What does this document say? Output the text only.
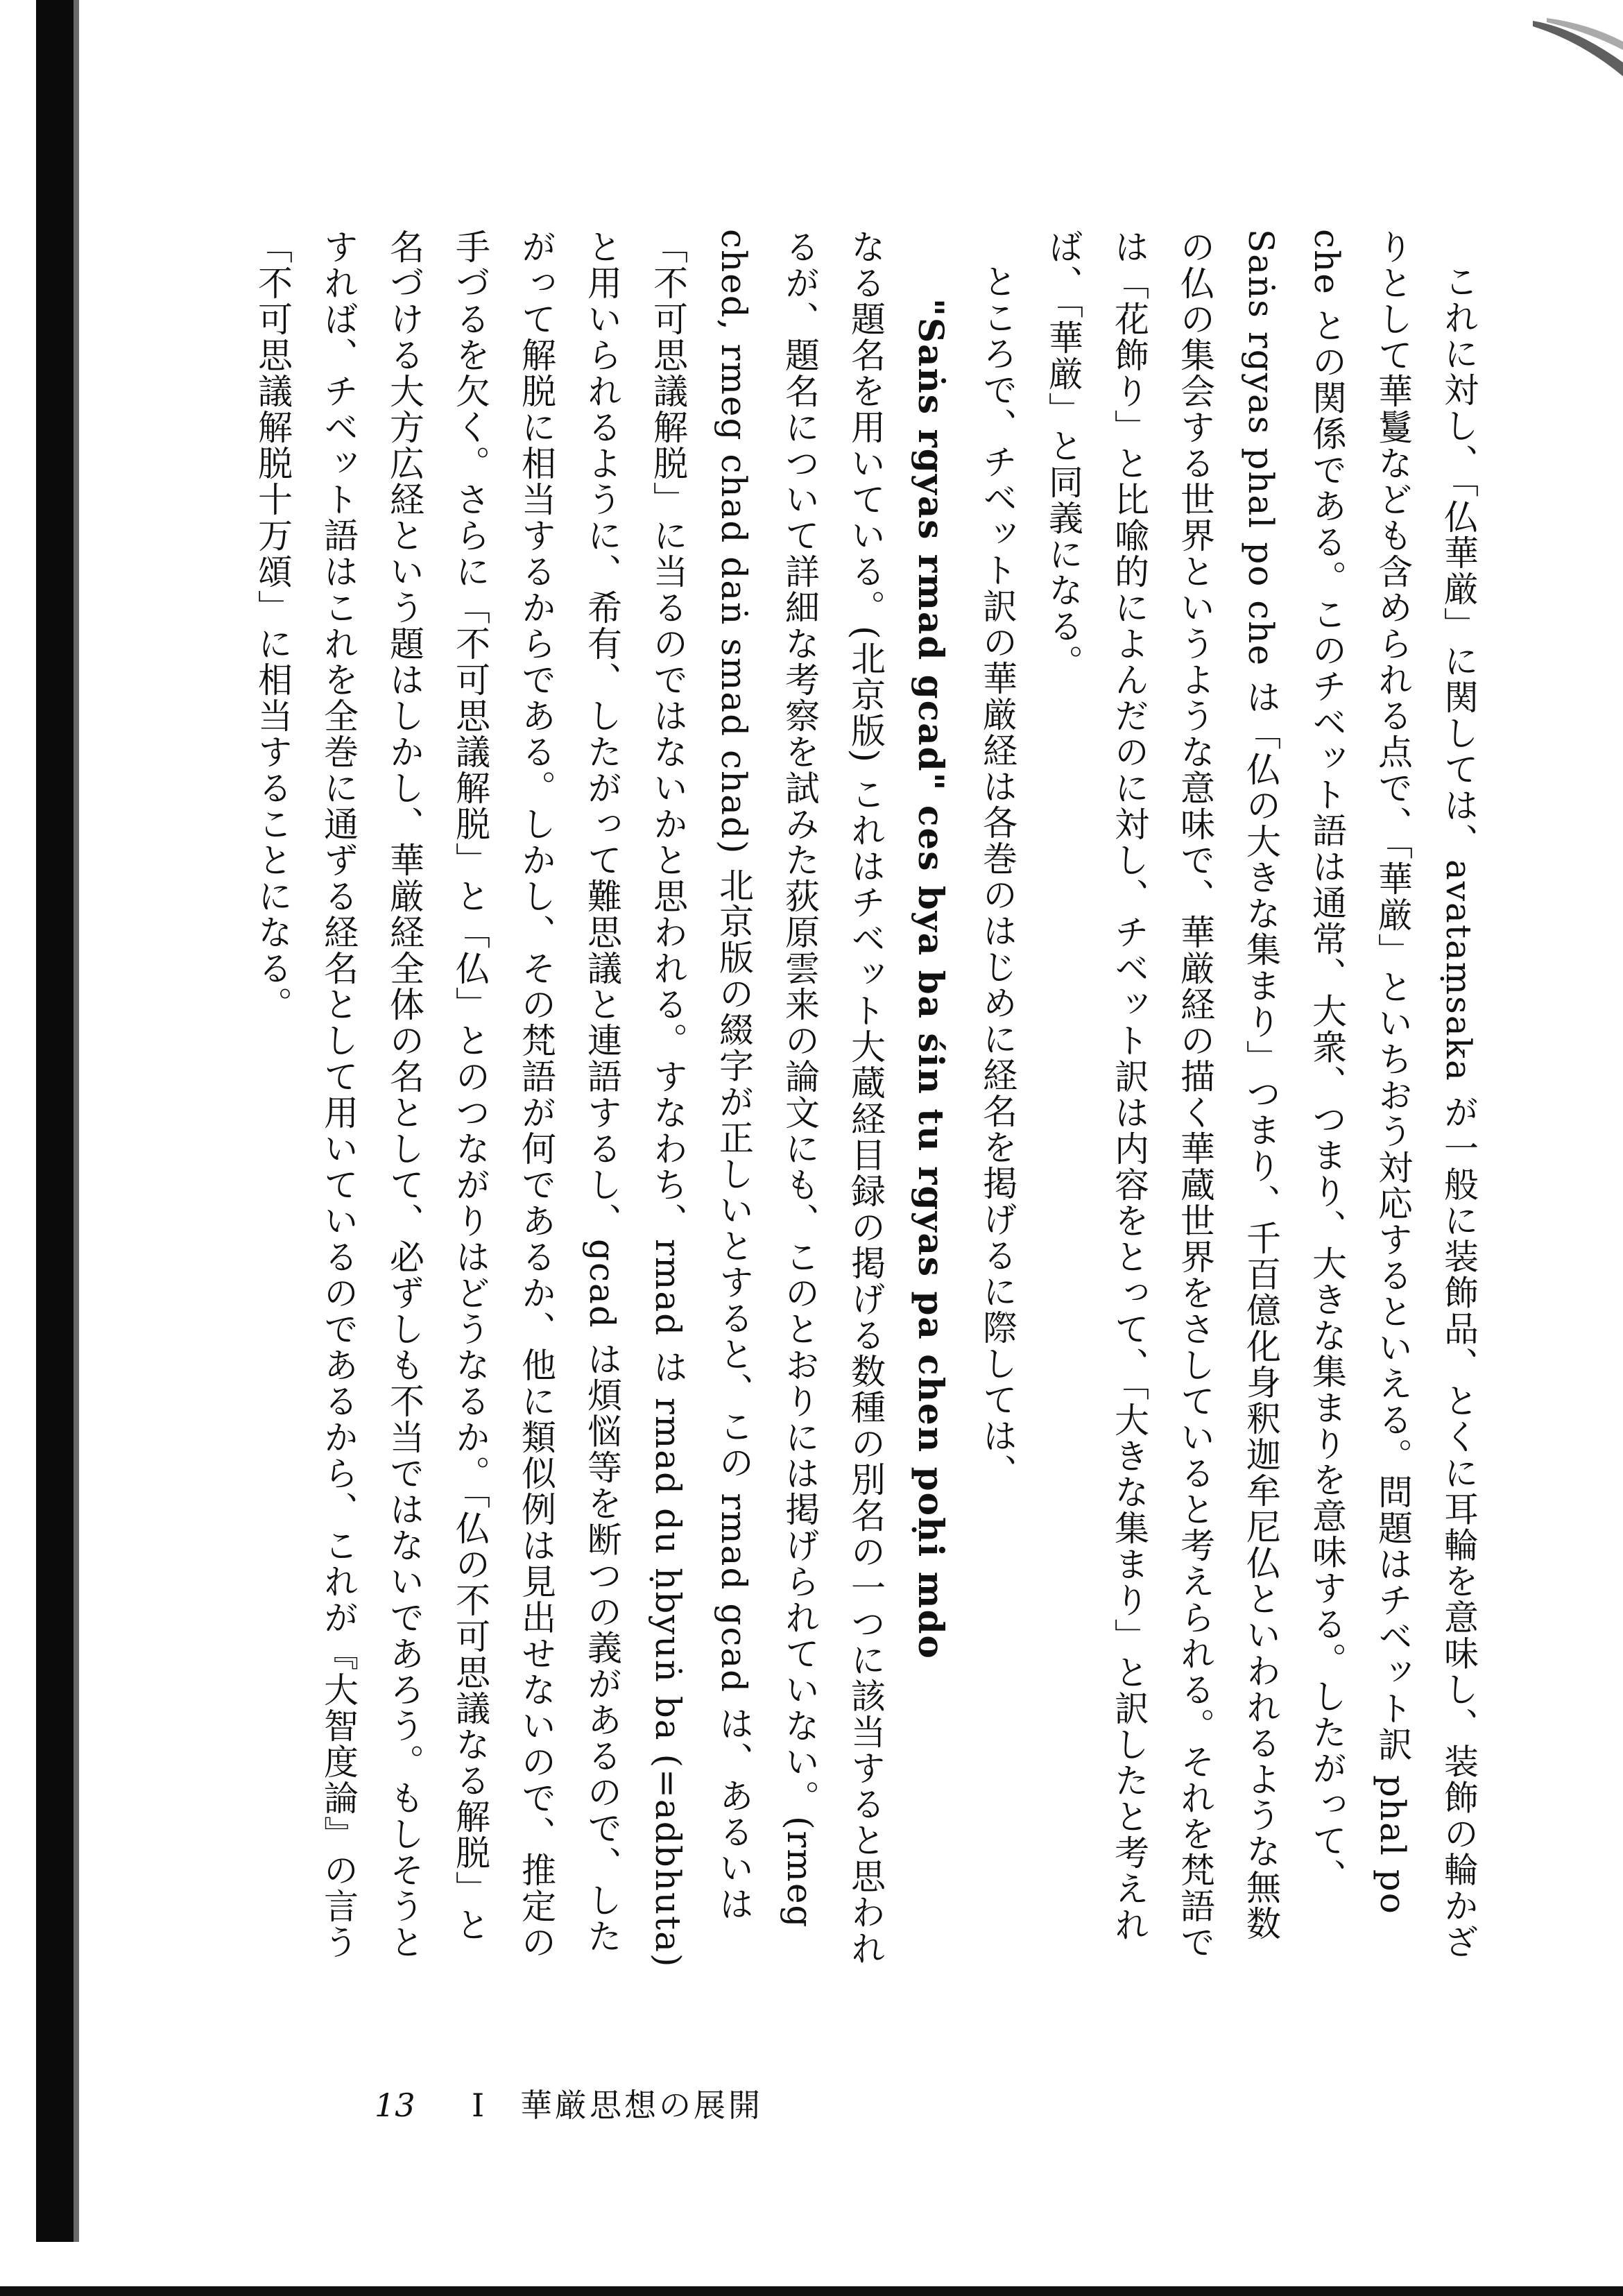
これに対し、「仏華厳」に関しては、avataṃsaka が一般に装飾品、とくに耳輪を意味し、装飾の輪かざりとして華鬘なども含められる点で、「華厳」といちおう対応するといえる。問題はチベット訳 phal po che との関係である。このチベット語は通常、大衆、つまり、大きな集まりを意味する。したがって、Saṅs rgyas phal po che は「仏の大きな集まり」つまり、千百億化身釈迦牟尼仏といわれるような無数の仏の集会する世界というような意味で、華厳経の描く華蔵世界をさしていると考えられる。それを梵語では「花飾り」と比喩的によんだのに対し、チベット訳は内容をとって、「大きな集まり」と訳したと考えれば、「華厳」と同義になる。

ところで、チベット訳の華厳経は各巻のはじめに経名を掲げるに際しては、

"Saṅs rgyas rmad gcad" ces bya ba śin tu rgyas pa chen poḥi mdo

なる題名を用いている。(北京版) これはチベット大蔵経目録の掲げる数種の別名の一つに該当すると思われるが、題名について詳細な考察を試みた荻原雲来の論文にも、このとおりには掲げられていない。(rmeg ched, rmeg chad daṅ smad chad) 北京版の綴字が正しいとすると、この rmad gcad は、あるいは「不可思議解脱」に当るのではないかと思われる。すなわち、rmad は rmad du ḥbyuṅ ba (=adbhuta) と用いられるように、希有、したがって難思議と連語するし、gcad は煩悩等を断つの義があるので、したがって解脱に相当するからである。しかし、その梵語が何であるか、他に類似例は見出せないので、推定の手づるを欠く。さらに「不可思議解脱」と「仏」とのつながりはどうなるか。「仏の不可思議なる解脱」と名づける大方広経という題はしかし、華厳経全体の名として、必ずしも不当ではないであろう。もしそうとすれば、チベット語はこれを全巻に通ずる経名として用いているのであるから、これが『大智度論』の言う「不可思議解脱十万頌」に相当することになる。

13 I 華厳思想の展開
